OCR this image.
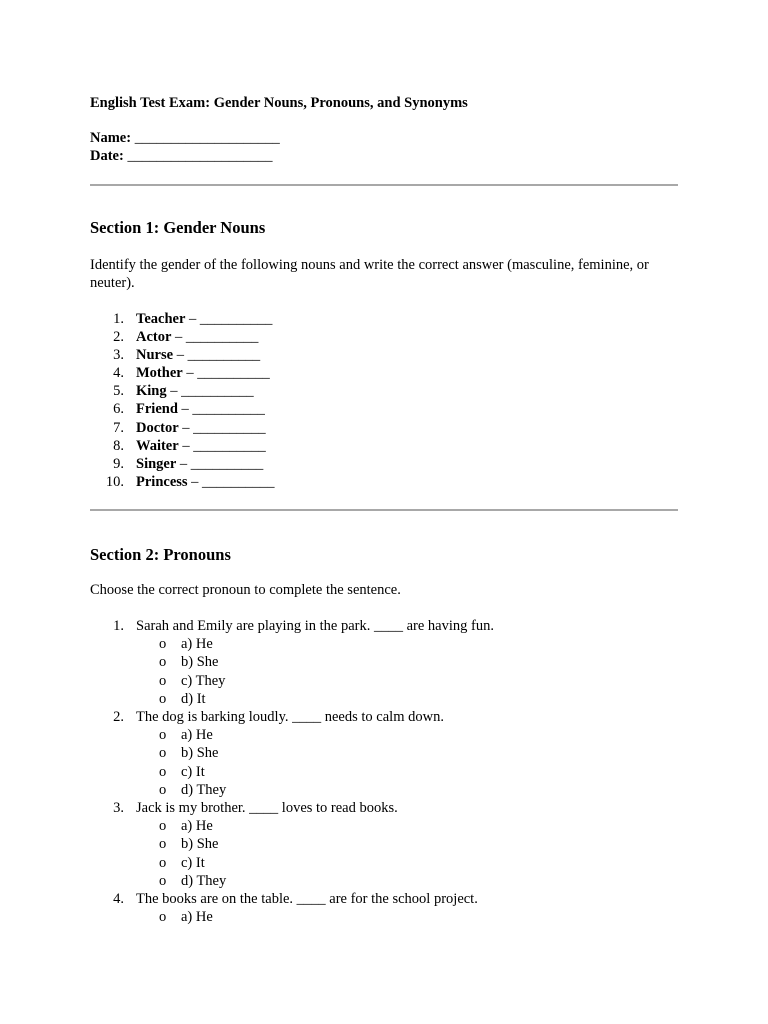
English Test Exam: Gender Nouns, Pronouns, and Synonyms

Name: ____________________
Date: ____________________

Section 1: Gender Nouns

Identify the gender of the following nouns and write the correct answer (masculine, feminine, or neuter).

1. Teacher – __________
2. Actor – __________
3. Nurse – __________
4. Mother – __________
5. King – __________
6. Friend – __________
7. Doctor – __________
8. Waiter – __________
9. Singer – __________
10. Princess – __________

Section 2: Pronouns

Choose the correct pronoun to complete the sentence.

1. Sarah and Emily are playing in the park. ____ are having fun.
o a) He
o b) She
o c) They
o d) It
2. The dog is barking loudly. ____ needs to calm down.
o a) He
o b) She
o c) It
o d) They
3. Jack is my brother. ____ loves to read books.
o a) He
o b) She
o c) It
o d) They
4. The books are on the table. ____ are for the school project.
o a) He
